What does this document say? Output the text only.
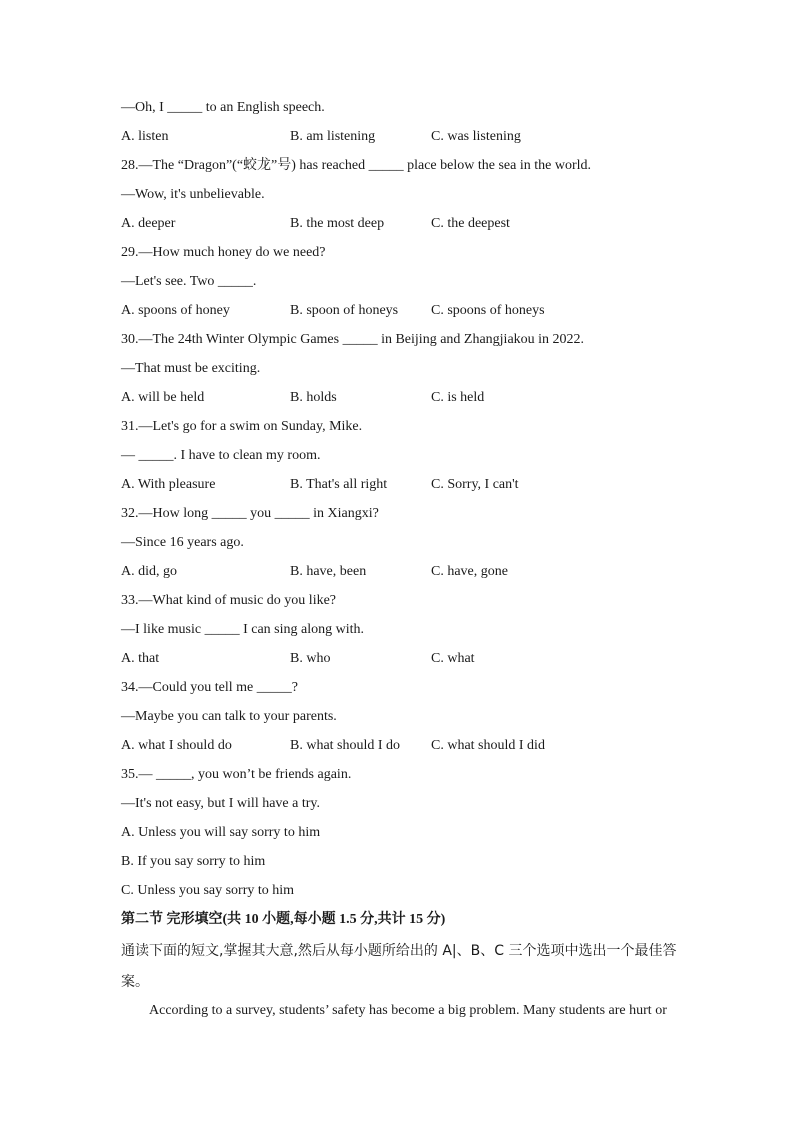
—Oh, I _____ to an English speech.
A. listen	B. am listening	C. was listening
28.—The “Dragon”(“蛟龙”号) has reached _____ place below the sea in the world.
—Wow, it's unbelievable.
A. deeper	B. the most deep	C. the deepest
29.—How much honey do we need?
—Let's see. Two _____.
A. spoons of honey	B. spoon of honeys C. spoons of honeys
30.—The 24th Winter Olympic Games _____ in Beijing and Zhangjiakou in 2022.
—That must be exciting.
A. will be held	B. holds	C. is held
31.—Let's go for a swim on Sunday, Mike.
— _____. I have to clean my room.
A. With pleasure	B. That's all right	C. Sorry, I can't
32.—How long _____ you _____ in Xiangxi?
—Since 16 years ago.
A. did, go	B. have, been	C. have, gone
33.—What kind of music do you like?
—I like music _____ I can sing along with.
A. that	B. who	C. what
34.—Could you tell me _____?
—Maybe you can talk to your parents.
A. what I should do	B. what should I do C. what should I did
35.— _____, you won’t be friends again.
—It's not easy, but I will have a try.
A. Unless you will say sorry to him
B. If you say sorry to him
C. Unless you say sorry to him
第二节 完形填空(共 10 小题,每小题 1.5 分,共计 15 分)
通读下面的短文,掌握其大意,然后从每小题所给出的 A|、B、C 三个选项中选出一个最佳答
案。
According to a survey, students’ safety has become a big problem. Many students are hurt or
